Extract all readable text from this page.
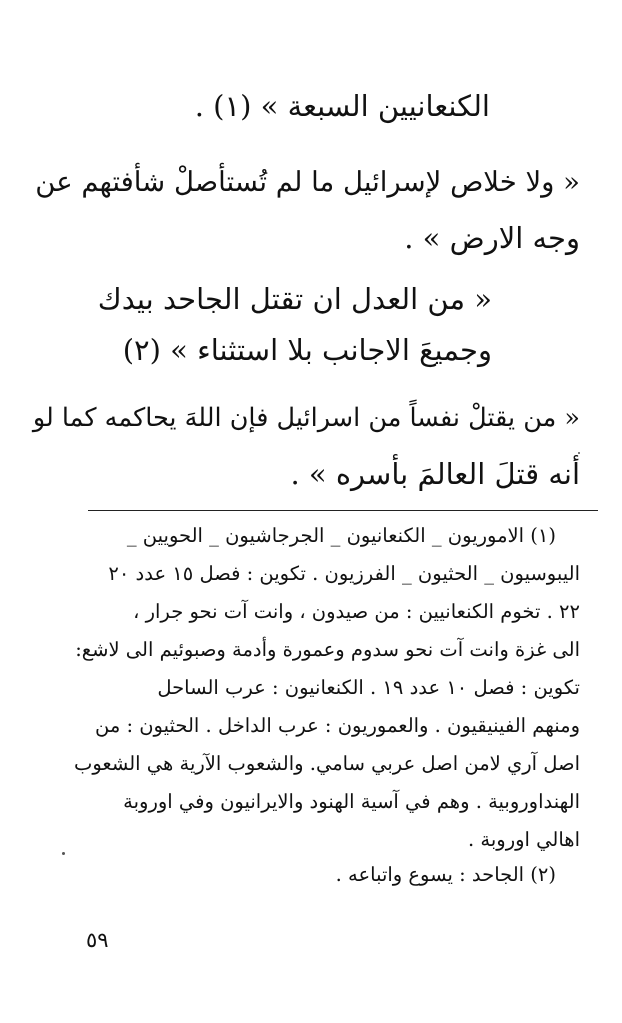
الكنعانيين السبعة » (١) .
« ولا خلاص لإسرائيل ما لم تُستأصلْ شأفتهم عن
وجه الارض » .
« من العدل ان تقتل الجاحد بيدك
وجميعَ الاجانب بلا استثناء » (٢)
« من يقتلْ نفساً من اسرائيل فإن اللهَ يحاكمه كما لو
أنه قتلَ العالمَ بأسره » .
(١) الاموريون _ الكنعانيون _ الجرجاشيون _ الحويين _
اليبوسيون _ الحثيون _ الفرزيون . تكوين : فصل ١٥ عدد ٢٠
٢٢ . تخوم الكنعانيين : من صيدون ، وانت آت نحو جرار ،
الى غزة وانت آت نحو سدوم وعمورة وأدمة وصبوئيم الى لاشع:
تكوين : فصل ١٠ عدد ١٩ . الكنعانيون : عرب الساحل
ومنهم الفينيقيون . والعموريون : عرب الداخل . الحثيون : من
اصل آري لامن اصل عربي سامي. والشعوب الآرية هي الشعوب
الهنداوروبية . وهم في آسية الهنود والايرانيون وفي اوروبة
اهالي اوروبة .
(٢) الجاحد : يسوع واتباعه .
٥٩
